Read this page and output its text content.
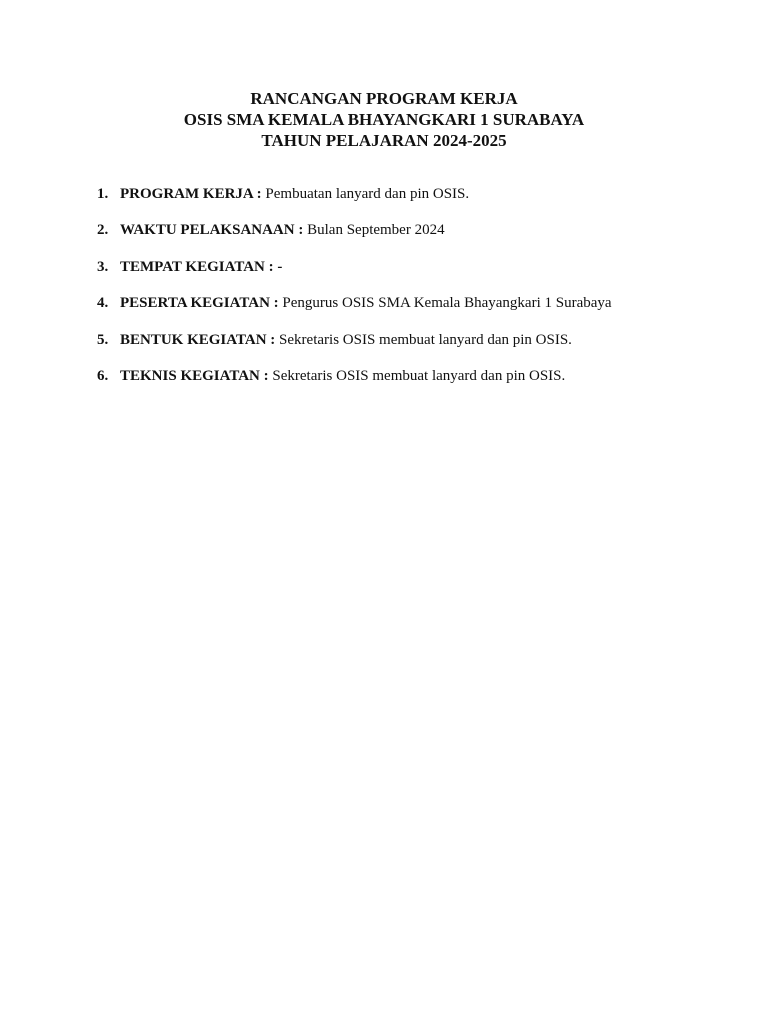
RANCANGAN PROGRAM KERJA
OSIS SMA KEMALA BHAYANGKARI 1 SURABAYA
TAHUN PELAJARAN 2024-2025
1. PROGRAM KERJA : Pembuatan lanyard dan pin OSIS.
2. WAKTU PELAKSANAAN : Bulan September 2024
3. TEMPAT KEGIATAN : -
4. PESERTA KEGIATAN : Pengurus OSIS SMA Kemala Bhayangkari 1 Surabaya
5. BENTUK KEGIATAN : Sekretaris OSIS membuat lanyard dan pin OSIS.
6. TEKNIS KEGIATAN : Sekretaris OSIS membuat lanyard dan pin OSIS.
